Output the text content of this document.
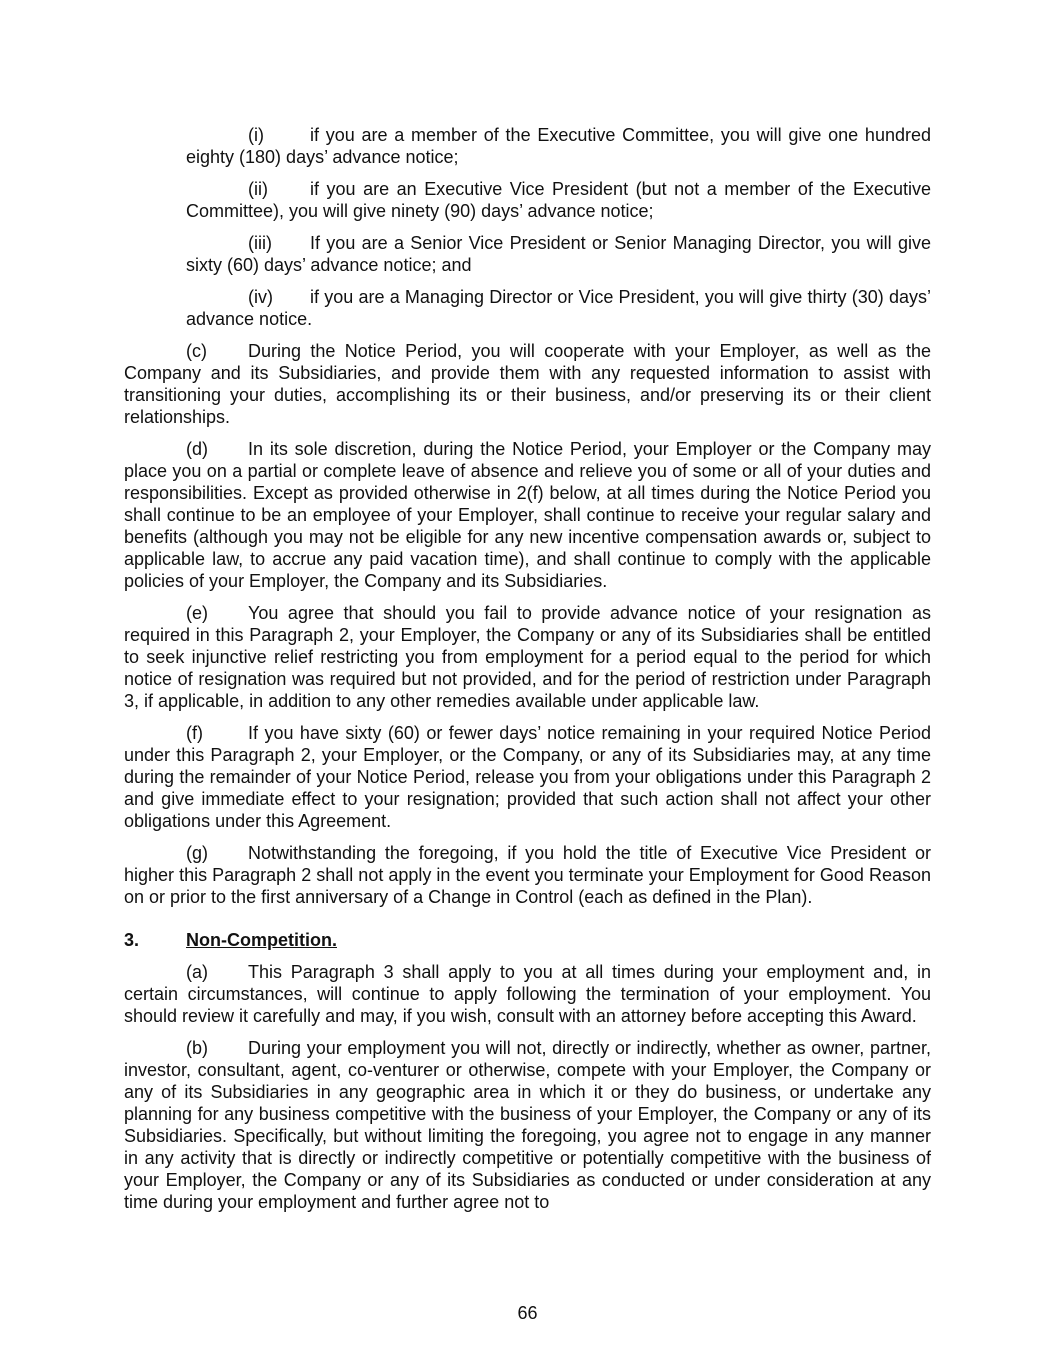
(i)	if you are a member of the Executive Committee, you will give one hundred eighty (180) days’ advance notice;

(ii) if you are an Executive Vice President (but not a member of the Executive Committee), you will give ninety (90) days’ advance notice;

(iii) If you are a Senior Vice President or Senior Managing Director, you will give sixty (60) days’ advance notice; and

(iv) if you are a Managing Director or Vice President, you will give thirty (30) days’ advance notice.

(c) During the Notice Period, you will cooperate with your Employer, as well as the Company and its Subsidiaries, and provide them with any requested information to assist with transitioning your duties, accomplishing its or their business, and/or preserving its or their client relationships.

(d) In its sole discretion, during the Notice Period, your Employer or the Company may place you on a partial or complete leave of absence and relieve you of some or all of your duties and responsibilities. Except as provided otherwise in 2(f) below, at all times during the Notice Period you shall continue to be an employee of your Employer, shall continue to receive your regular salary and benefits (although you may not be eligible for any new incentive compensation awards or, subject to applicable law, to accrue any paid vacation time), and shall continue to comply with the applicable policies of your Employer, the Company and its Subsidiaries.

(e) You agree that should you fail to provide advance notice of your resignation as required in this Paragraph 2, your Employer, the Company or any of its Subsidiaries shall be entitled to seek injunctive relief restricting you from employment for a period equal to the period for which notice of resignation was required but not provided, and for the period of restriction under Paragraph 3, if applicable, in addition to any other remedies available under applicable law.

(f)	If you have sixty (60) or fewer days’ notice remaining in your required Notice Period under this Paragraph 2, your Employer, or the Company, or any of its Subsidiaries may, at any time during the remainder of your Notice Period, release you from your obligations under this Paragraph 2 and give immediate effect to your resignation; provided that such action shall not affect your other obligations under this Agreement.

(g) Notwithstanding the foregoing, if you hold the title of Executive Vice President or higher this Paragraph 2 shall not apply in the event you terminate your Employment for Good Reason on or prior to the first anniversary of a Change in Control (each as defined in the Plan).

3.	Non-Competition.

(a) This Paragraph 3 shall apply to you at all times during your employment and, in certain circumstances, will continue to apply following the termination of your employment. You should review it carefully and may, if you wish, consult with an attorney before accepting this Award.

(b) During your employment you will not, directly or indirectly, whether as owner, partner, investor, consultant, agent, co-venturer or otherwise, compete with your Employer, the Company or any of its Subsidiaries in any geographic area in which it or they do business, or undertake any planning for any business competitive with the business of your Employer, the Company or any of its Subsidiaries. Specifically, but without limiting the foregoing, you agree not to engage in any manner in any activity that is directly or indirectly competitive or potentially competitive with the business of your Employer, the Company or any of its Subsidiaries as conducted or under consideration at any time during your employment and further agree not to

66
